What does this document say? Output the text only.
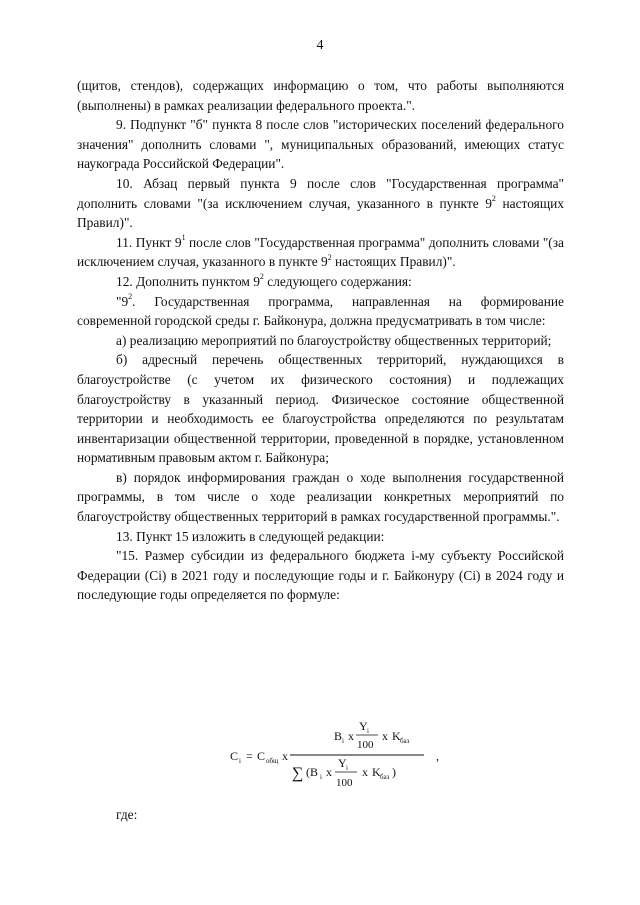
4

(щитов, стендов), содержащих информацию о том, что работы выполняются (выполнены) в рамках реализации федерального проекта.".

9. Подпункт "б" пункта 8 после слов "исторических поселений федерального значения" дополнить словами ", муниципальных образований, имеющих статус наукограда Российской Федерации".

10. Абзац первый пункта 9 после слов "Государственная программа" дополнить словами "(за исключением случая, указанного в пункте $9^2$ настоящих Правил)".

11. Пункт $9^1$ после слов "Государственная программа" дополнить словами "(за исключением случая, указанного в пункте $9^2$ настоящих Правил)".

12. Дополнить пунктом $9^2$ следующего содержания:

"$9^2$. Государственная программа, направленная на формирование современной городской среды г. Байконура, должна предусматривать в том числе:

а) реализацию мероприятий по благоустройству общественных территорий;

б) адресный перечень общественных территорий, нуждающихся в благоустройстве (с учетом их физического состояния) и подлежащих благоустройству в указанный период. Физическое состояние общественной территории и необходимость ее благоустройства определяются по результатам инвентаризации общественной территории, проведенной в порядке, установленном нормативным правовым актом г. Байконура;

в) порядок информирования граждан о ходе выполнения государственной программы, в том числе о ходе реализации конкретных мероприятий по благоустройству общественных территорий в рамках государственной программы.".

13. Пункт 15 изложить в следующей редакции:

"15. Размер субсидии из федерального бюджета i-му субъекту Российской Федерации (Ci) в 2021 году и последующие годы и г. Байконуру (Ci) в 2024 году и последующие годы определяется по формуле:

C i = C общ x
B i x
Y i
100
x K баз
∑ (B i x
Y i
100
x K баз )
,
где:
